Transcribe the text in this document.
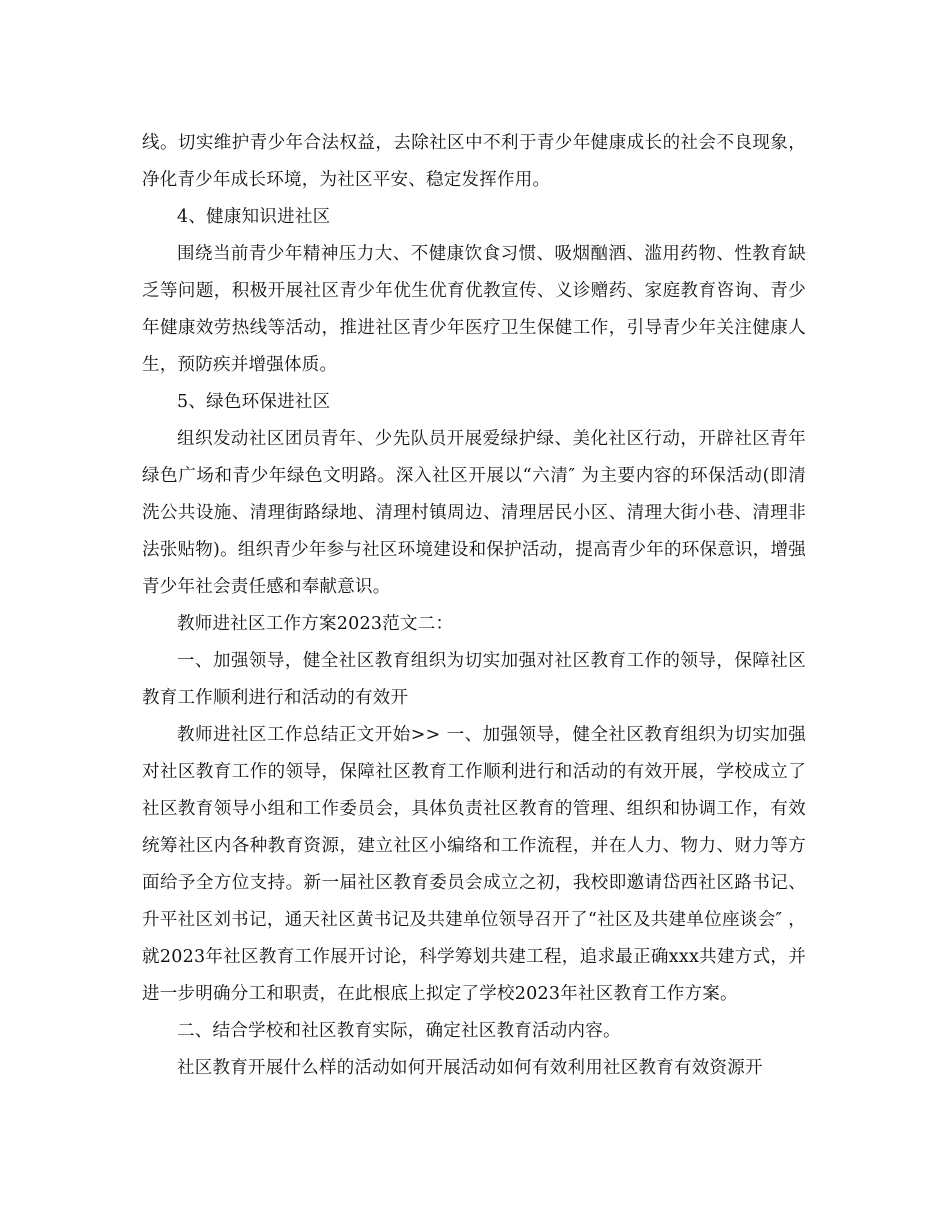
线。切实维护青少年合法权益，去除社区中不利于青少年健康成长的社会不良现象，净化青少年成长环境，为社区平安、稳定发挥作用。

4、健康知识进社区

围绕当前青少年精神压力大、不健康饮食习惯、吸烟酗酒、滥用药物、性教育缺乏等问题，积极开展社区青少年优生优育优教宣传、义诊赠药、家庭教育咨询、青少年健康效劳热线等活动，推进社区青少年医疗卫生保健工作，引导青少年关注健康人生，预防疾并增强体质。

5、绿色环保进社区

组织发动社区团员青年、少先队员开展爱绿护绿、美化社区行动，开辟社区青年绿色广场和青少年绿色文明路。深入社区开展以“六清″ 为主要内容的环保活动(即清洗公共设施、清理街路绿地、清理村镇周边、清理居民小区、清理大街小巷、清理非法张贴物)。组织青少年参与社区环境建设和保护活动，提高青少年的环保意识，增强青少年社会责任感和奉献意识。

教师进社区工作方案2023范文二：

一、加强领导，健全社区教育组织为切实加强对社区教育工作的领导，保障社区教育工作顺利进行和活动的有效开

教师进社区工作总结正文开始>> 一、加强领导，健全社区教育组织为切实加强对社区教育工作的领导，保障社区教育工作顺利进行和活动的有效开展，学校成立了社区教育领导小组和工作委员会，具体负责社区教育的管理、组织和协调工作，有效统筹社区内各种教育资源，建立社区小编络和工作流程，并在人力、物力、财力等方面给予全方位支持。新一届社区教育委员会成立之初，我校即邀请岱西社区路书记、升平社区刘书记，通天社区黄书记及共建单位领导召开了“社区及共建单位座谈会″ ，就2023年社区教育工作展开讨论，科学筹划共建工程，追求最正确xxx共建方式，并进一步明确分工和职责，在此根底上拟定了学校2023年社区教育工作方案。

二、结合学校和社区教育实际，确定社区教育活动内容。

社区教育开展什么样的活动如何开展活动如何有效利用社区教育有效资源开
